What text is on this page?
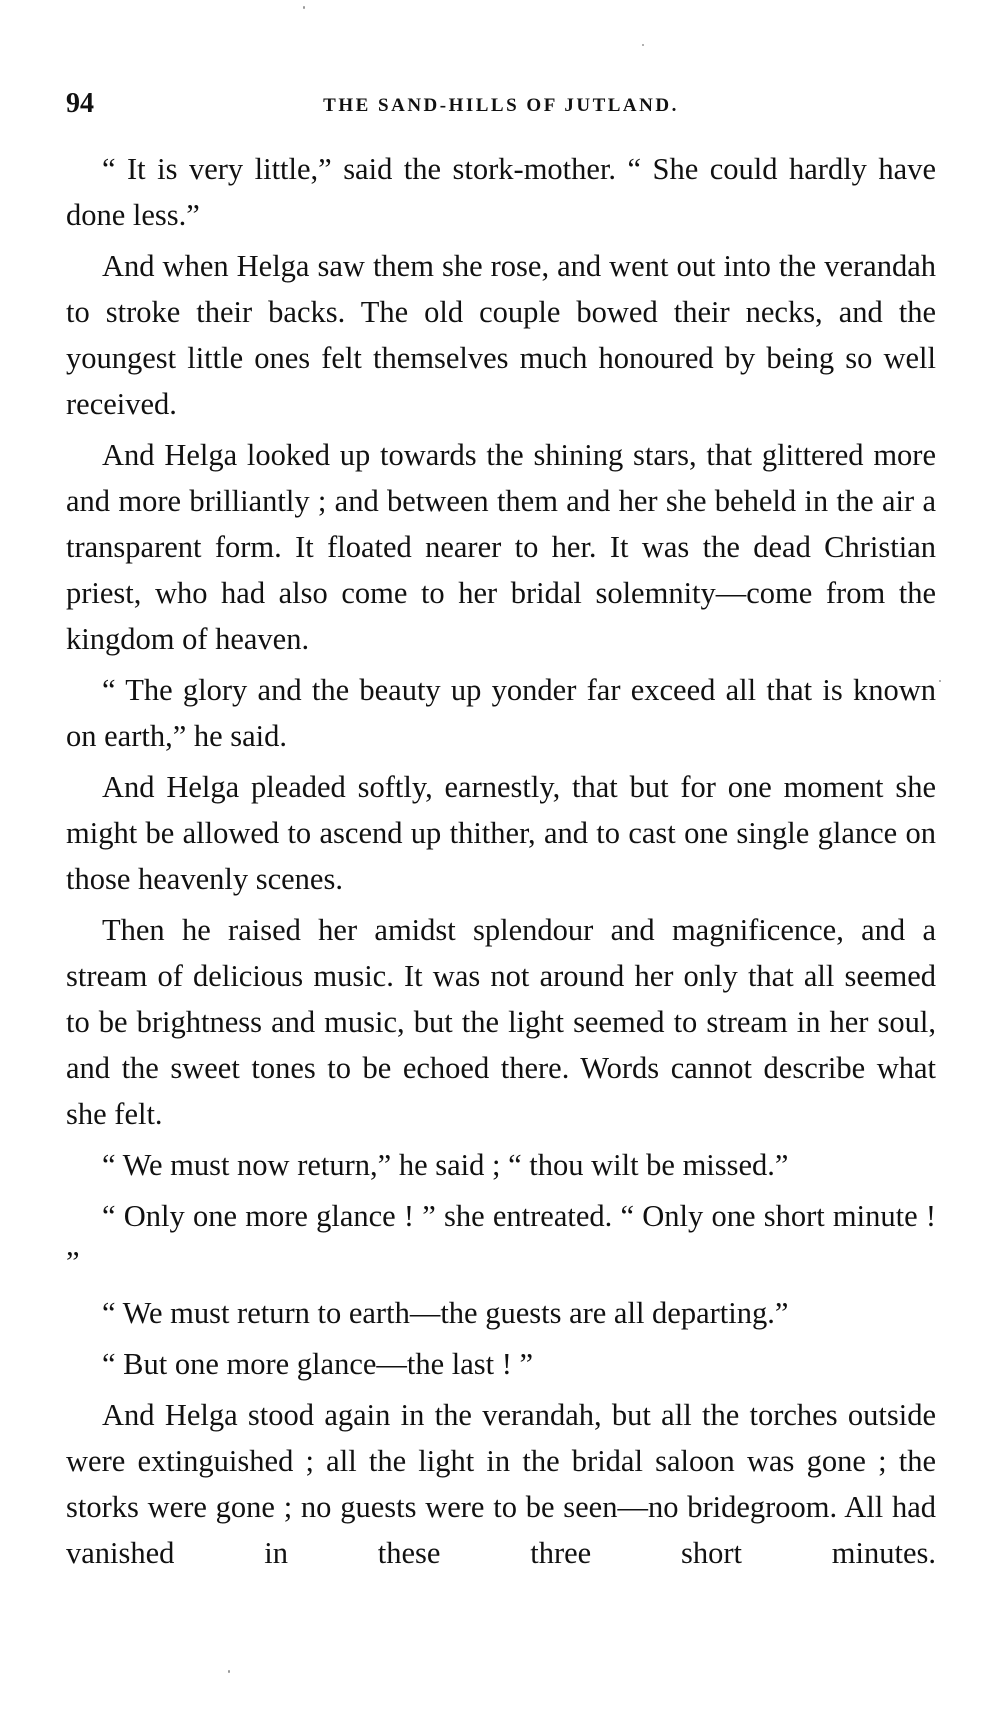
94	THE SAND-HILLS OF JUTLAND.

“ It is very little,” said the stork-mother. “ She could hardly have done less.”

And when Helga saw them she rose, and went out into the verandah to stroke their backs. The old couple bowed their necks, and the youngest little ones felt themselves much honoured by being so well received.

And Helga looked up towards the shining stars, that glittered more and more brilliantly ; and between them and her she beheld in the air a transparent form. It floated nearer to her. It was the dead Christian priest, who had also come to her bridal solemnity—come from the kingdom of heaven.

“ The glory and the beauty up yonder far exceed all that is known on earth,” he said.

And Helga pleaded softly, earnestly, that but for one moment she might be allowed to ascend up thither, and to cast one single glance on those heavenly scenes.

Then he raised her amidst splendour and magnificence, and a stream of delicious music. It was not around her only that all seemed to be brightness and music, but the light seemed to stream in her soul, and the sweet tones to be echoed there. Words cannot describe what she felt.

“ We must now return,” he said ; “ thou wilt be missed.”

“ Only one more glance ! ” she entreated. “ Only one short minute ! ”

“ We must return to earth—the guests are all departing.”

“ But one more glance—the last ! ”

And Helga stood again in the verandah, but all the torches outside were extinguished ; all the light in the bridal saloon was gone ; the storks were gone ; no guests were to be seen—no bridegroom. All had vanished in these three short minutes.
